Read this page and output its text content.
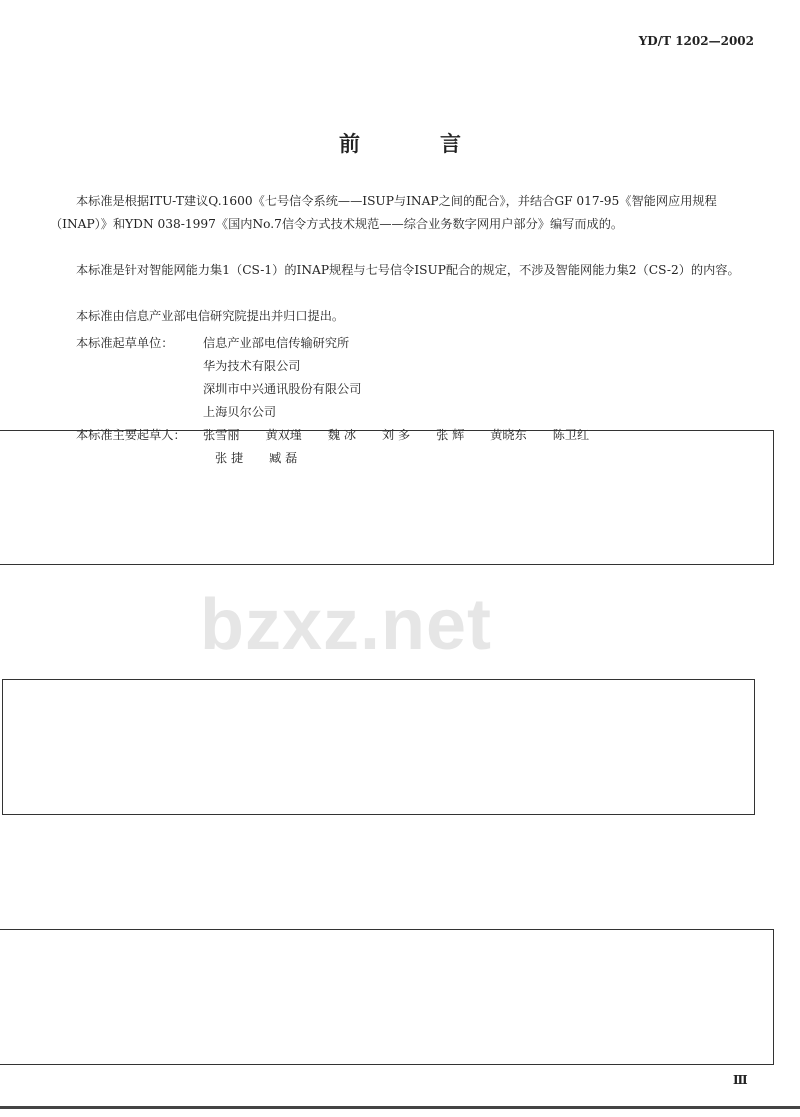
YD/T 1202—2002
前言
本标准是根据ITU-T建议Q.1600《七号信令系统——ISUP与INAP之间的配合》，并结合GF 017-95《智能网应用规程（INAP）》和YDN 038-1997《国内No.7信令方式技术规范——综合业务数字网用户部分》编写而成的。
本标准是针对智能网能力集1（CS-1）的INAP规程与七号信令ISUP配合的规定，不涉及智能网能力集2（CS-2）的内容。
本标准由信息产业部电信研究院提出并归口提出。
本标准起草单位： 信息产业部电信传输研究所
华为技术有限公司
深圳市中兴通讯股份有限公司
上海贝尔公司
本标准主要起草人： 张雪丽 黄双瑾 魏 冰 刘 多 张 辉 黄晓东 陈卫红
张 捷 臧 磊
bzxz.net
Ⅲ
